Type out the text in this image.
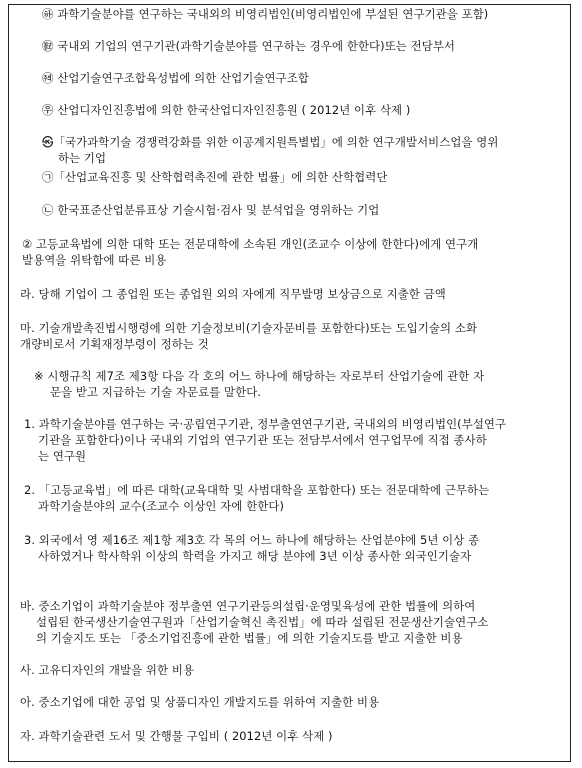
㉻ 과학기술분야를 연구하는 국내외의 비영리법인(비영리법인에 부설된 연구기관을 포함)
㉼ 국내외 기업의 연구기관(과학기술분야를 연구하는 경우에 한한다)또는 전담부서
㉽ 산업기술연구조합육성법에 의한 산업기술연구조합
㉾ 산업디자인진흥법에 의한 한국산업디자인진흥원 ( 2012년 이후 삭제 )
㉿「국가과학기술 경쟁력강화를 위한 이공계지원특별법」에 의한 연구개발서비스업을 영위
하는 기업
㉠「산업교육진흥 및 산학협력촉진에 관한 법률」에 의한 산학협력단
㉡ 한국표준산업분류표상 기술시험·검사 및 분석업을 영위하는 기업
② 고등교육법에 의한 대학 또는 전문대학에 소속된 개인(조교수 이상에 한한다)에게 연구개
발용역을 위탁함에 따른 비용
라. 당해 기업이 그 종업원 또는 종업원 외의 자에게 직무발명 보상금으로 지출한 금액
마. 기술개발촉진법시행령에 의한 기술정보비(기술자문비를 포함한다)또는 도입기술의 소화
개량비로서 기획재정부령이 정하는 것
※ 시행규칙 제7조 제3항 다음 각 호의 어느 하나에 해당하는 자로부터 산업기술에 관한 자
문을 받고 지급하는 기술 자문료를 말한다.
1. 과학기술분야를 연구하는 국·공립연구기관, 정부출연연구기관, 국내외의 비영리법인(부설연구
기관을 포함한다)이나 국내외 기업의 연구기관 또는 전담부서에서 연구업무에 직접 종사하
는 연구원
2. 「고등교육법」에 따른 대학(교육대학 및 사범대학을 포함한다) 또는 전문대학에 근무하는
과학기술분야의 교수(조교수 이상인 자에 한한다)
3. 외국에서 영 제16조 제1항 제3호 각 목의 어느 하나에 해당하는 산업분야에 5년 이상 종
사하였거나 학사학위 이상의 학력을 가지고 해당 분야에 3년 이상 종사한 외국인기술자
바. 중소기업이 과학기술분야 정부출연 연구기관등의설립·운영및육성에 관한 법률에 의하여
설립된 한국생산기술연구원과「산업기술혁신 촉진법」에 따라 설립된 전문생산기술연구소
의 기술지도 또는 「중소기업진흥에 관한 법률」에 의한 기술지도를 받고 지출한 비용
사. 고유디자인의 개발을 위한 비용
아. 중소기업에 대한 공업 및 상품디자인 개발지도를 위하여 지출한 비용
자. 과학기술관련 도서 및 간행물 구입비 ( 2012년 이후 삭제 )
